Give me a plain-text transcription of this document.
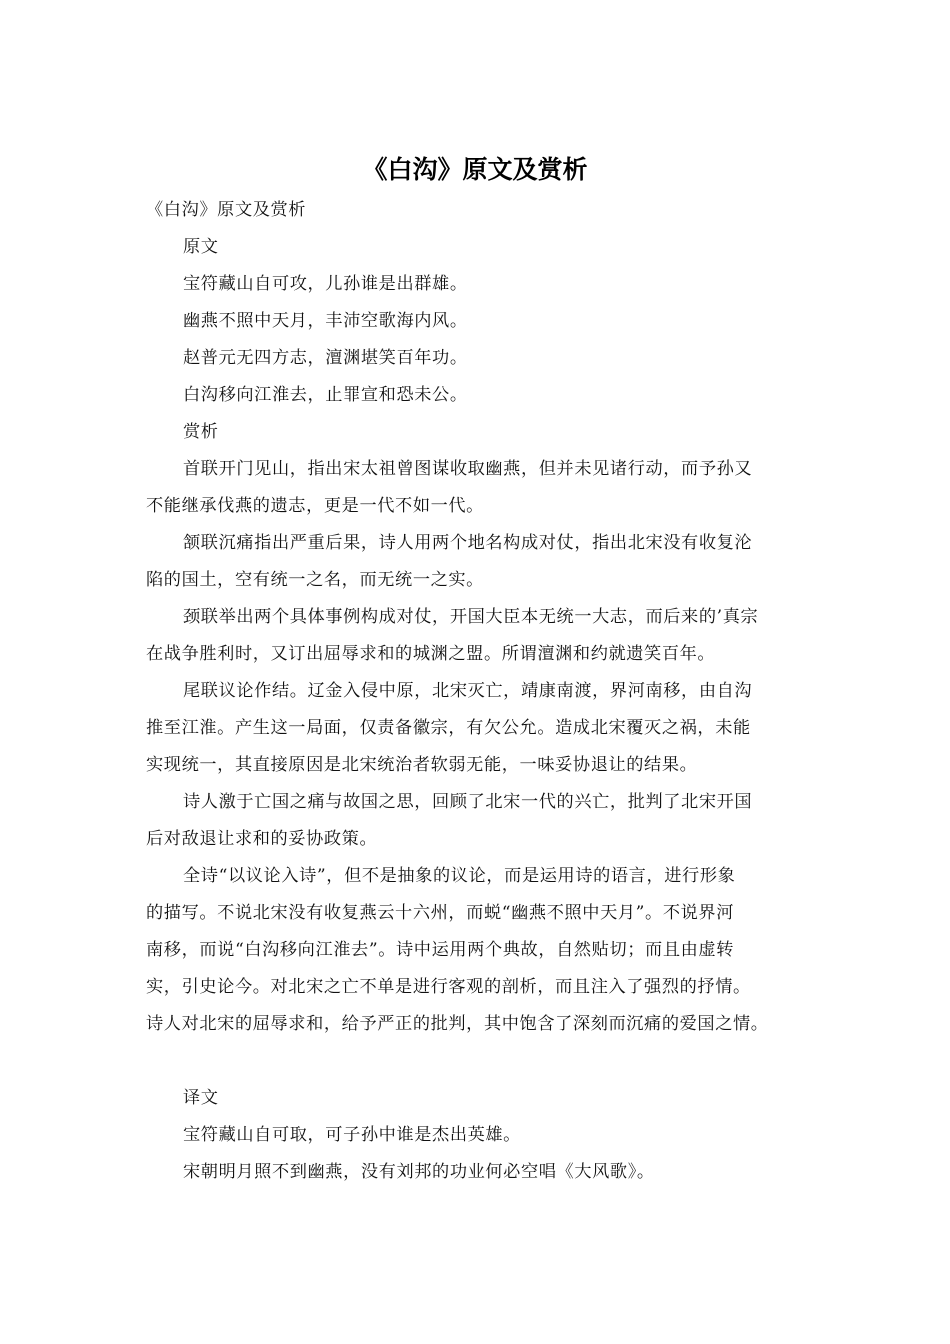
《白沟》原文及赏析
《白沟》原文及赏析
原文
宝符藏山自可攻，儿孙谁是出群雄。
幽燕不照中天月，丰沛空歌海内风。
赵普元无四方志，澶渊堪笑百年功。
白沟移向江淮去，止罪宣和恐未公。
赏析
首联开门见山，指出宋太祖曾图谋收取幽燕，但并未见诸行动，而予孙又
不能继承伐燕的遗志，更是一代不如一代。
颔联沉痛指出严重后果，诗人用两个地名构成对仗，指出北宋没有收复沦
陷的国土，空有统一之名，而无统一之实。
颈联举出两个具体事例构成对仗，开国大臣本无统一大志，而后来的’真宗
在战争胜利时，又订出屈辱求和的城渊之盟。所谓澶渊和约就遗笑百年。
尾联议论作结。辽金入侵中原，北宋灭亡，靖康南渡，界河南移，由自沟
推至江淮。产生这一局面，仅责备徽宗，有欠公允。造成北宋覆灭之祸，未能
实现统一，其直接原因是北宋统治者软弱无能，一味妥协退让的结果。
诗人激于亡国之痛与故国之思，回顾了北宋一代的兴亡，批判了北宋开国
后对敌退让求和的妥协政策。
全诗“以议论入诗”，但不是抽象的议论，而是运用诗的语言，进行形象
的描写。不说北宋没有收复燕云十六州，而蜕“幽燕不照中天月”。不说界河
南移，而说“白沟移向江淮去”。诗中运用两个典故，自然贴切；而且由虚转
实，引史论今。对北宋之亡不单是进行客观的剖析，而且注入了强烈的抒情。
诗人对北宋的屈辱求和，给予严正的批判，其中饱含了深刻而沉痛的爱国之情。
译文
宝符藏山自可取，可子孙中谁是杰出英雄。
宋朝明月照不到幽燕，没有刘邦的功业何必空唱《大风歌》。
